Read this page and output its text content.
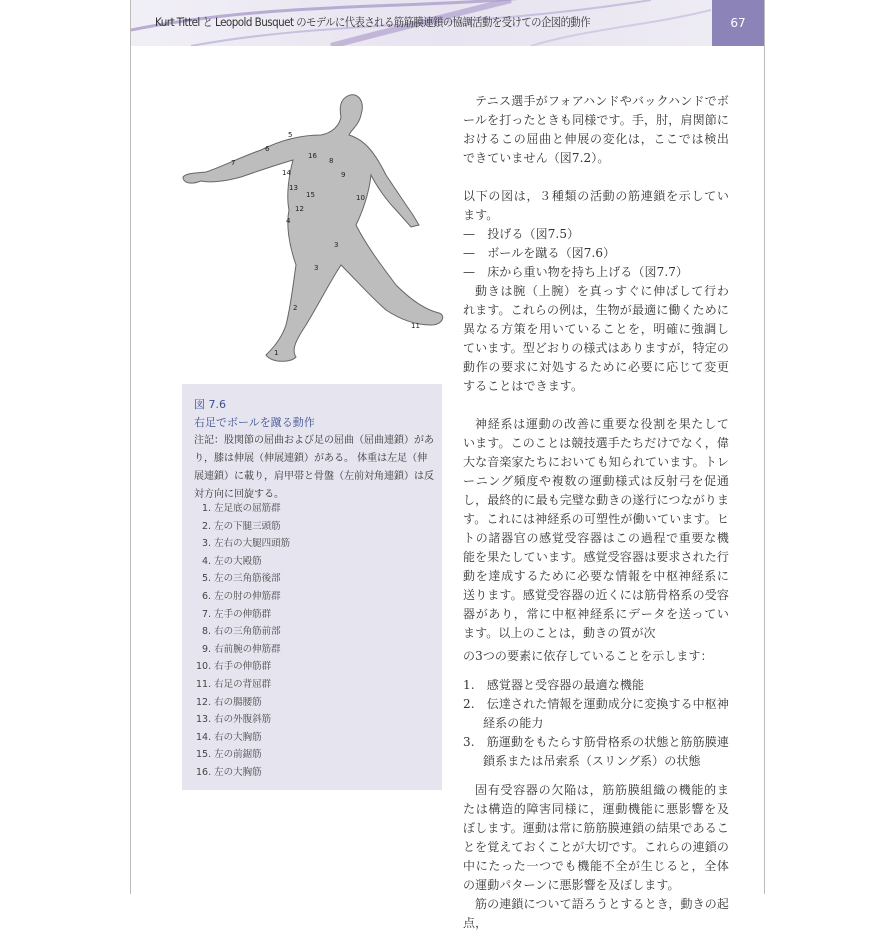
Kurt Tittel と Leopold Busquet のモデルに代表される筋筋膜連鎖の協調活動を受けての企図的動作	67
1
2
3
3
4
5
6
7	8
9
10
11
12
13
14
15
16
図 7.6
右足でボールを蹴る動作
注記：股関節の屈曲および足の屈曲（屈曲連鎖）があり，膝は伸展（伸展連鎖）がある。 体重は左足（伸展連鎖）に載り，肩甲帯と骨盤（左前対角連鎖）は反対方向に回旋する。
1. 左足底の屈筋群
2. 左の下腿三頭筋
3. 左右の大腿四頭筋
4. 左の大殿筋
5. 左の三角筋後部
6. 左の肘の伸筋群
7. 左手の伸筋群
8. 右の三角筋前部
9. 右前腕の伸筋群
10. 右手の伸筋群
11. 右足の背屈群
12. 右の腸腰筋
13. 右の外腹斜筋
14. 右の大胸筋
15. 左の前鋸筋
16. 左の大胸筋

テニス選手がフォアハンドやバックハンドでボールを打ったときも同様です。手，肘，肩関節におけるこの屈曲と伸展の変化は，ここでは検出できていません（図7.2）。

以下の図は，３種類の活動の筋連鎖を示しています。

—　投げる（図7.5）

—　ボールを蹴る（図7.6）

—　床から重い物を持ち上げる（図7.7）

動きは腕（上腕）を真っすぐに伸ばして行われます。これらの例は，生物が最適に働くために異なる方策を用いていることを，明確に強調しています。型どおりの様式はありますが，特定の動作の要求に対処するために必要に応じて変更することはできます。

神経系は運動の改善に重要な役割を果たしています。このことは競技選手たちだけでなく，偉大な音楽家たちにおいても知られています。トレーニング頻度や複数の運動様式は反射弓を促通し，最終的に最も完璧な動きの遂行につながります。これには神経系の可塑性が働いています。ヒトの諸器官の感覚受容器はこの過程で重要な機能を果たしています。感覚受容器は要求された行動を達成するために必要な情報を中枢神経系に送ります。感覚受容器の近くには筋骨格系の受容器があり，常に中枢神経系にデータを送っています。以上のことは，動きの質が次

の3つの要素に依存していることを示します：

1.　感覚器と受容器の最適な機能

2.　伝達された情報を運動成分に変換する中枢神経系の能力

3.　筋運動をもたらす筋骨格系の状態と筋筋膜連鎖系または吊索系（スリング系）の状態

固有受容器の欠陥は，筋筋膜組織の機能的または構造的障害同様に，運動機能に悪影響を及ぼします。運動は常に筋筋膜連鎖の結果であることを覚えておくことが大切です。これらの連鎖の中にたった一つでも機能不全が生じると，全体の運動パターンに悪影響を及ぼします。

筋の連鎖について語ろうとするとき，動きの起点，
